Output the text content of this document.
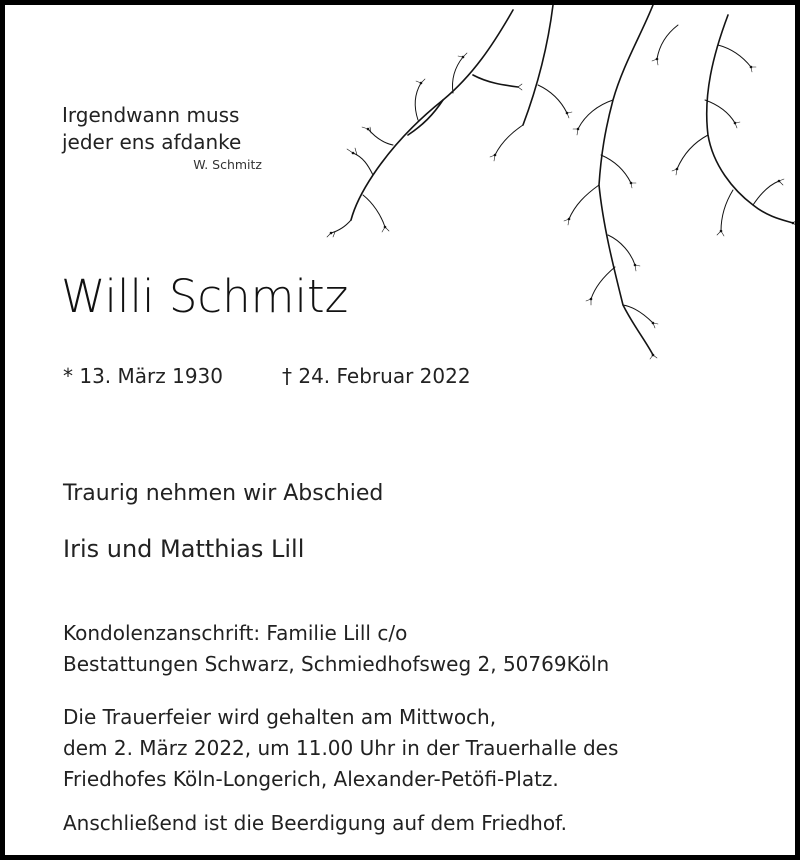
Irgendwann muss
jeder ens afdanke
W. Schmitz
Willi Schmitz
* 13. März 1930	† 24. Februar 2022
Traurig nehmen wir Abschied
Iris und Matthias Lill
Kondolenzanschrift: Familie Lill c/o
Bestattungen Schwarz, Schmiedhofsweg 2, 50769Köln
Die Trauerfeier wird gehalten am Mittwoch,
dem 2. März 2022, um 11.00 Uhr in der Trauerhalle des
Friedhofes Köln-Longerich, Alexander-Petöfi-Platz.
Anschließend ist die Beerdigung auf dem Friedhof.
